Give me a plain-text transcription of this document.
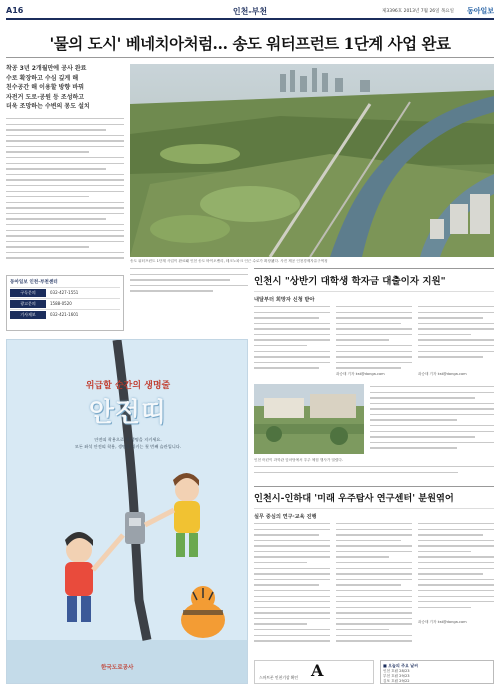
A16	인천-부천	제3396호 2013년 7월 26일 목요일 동아일보
'물의 도시' 베네치아처럼… 송도 워터프런트 1단계 사업 완료
착공 3년 2개월만에 공사 완료
수로 확장하고 수심 깊게 해
친수공간 해 이용할 방향 바꿔
자전거 도로·공원 등 조성하고
더욱 조망하는 수변의 몽도 설치
동아일보 인천·부천센터
구독문의	032-427-1551
광고문의	1588-0520
기사제보	032-421-1601
송도 워터프런트 1단계 사업이 완료돼 인천 송도 바이오밴리, 테크노파크 인근 수로가 확장됐다. 사진 제공 인천경제자유구역청
위급할 순간의 생명줄
안전띠
안전띠 착용으로 내 생명을 지키세요.
모든 좌석 안전띠 착용, 생명을 지키는 첫 번째 습관입니다.
한국도로공사
인천시 "상반기 대학생 학자금 대출이자 지원"
내달부터 희망자 신청 받아
곽승태 기자 kst@donga.com	곽승태 기자 kst@donga.com
인천 어린이 과학관 앞마당에서 우주 체험 행사가 열렸다.
인천시-인하대 '미래 우주탐사 연구센터' 분원엮어
실무 중심의 연구·교육 진행
곽승태 기자 kst@donga.com
A
스마트폰 인천기상 확인
■ 오늘의 주요 날씨
인천 흐림 28/23
부천 흐림 29/23
김포 흐림 29/22
